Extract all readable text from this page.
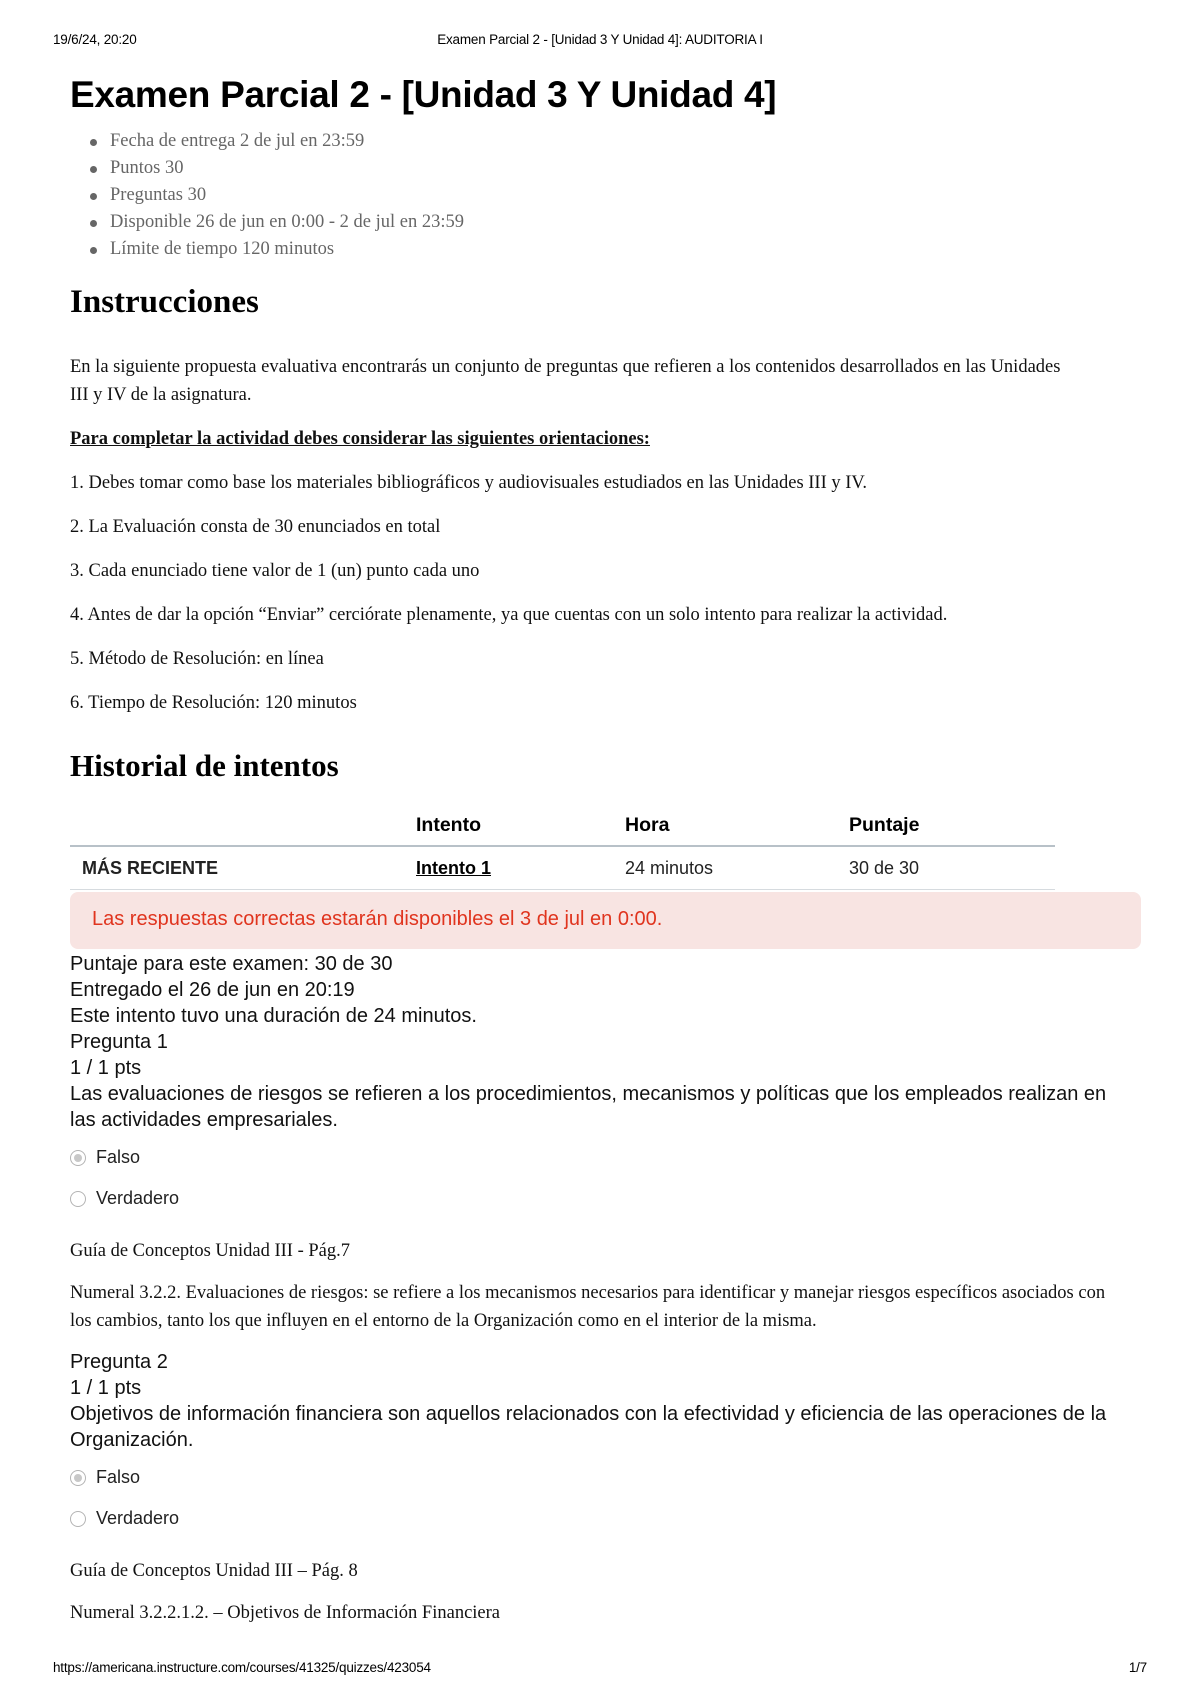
19/6/24, 20:20	Examen Parcial 2 - [Unidad 3 Y Unidad 4]: AUDITORIA I
Examen Parcial 2 - [Unidad 3 Y Unidad 4]
Fecha de entrega 2 de jul en 23:59
Puntos 30
Preguntas 30
Disponible 26 de jun en 0:00 - 2 de jul en 23:59
Límite de tiempo 120 minutos
Instrucciones

En la siguiente propuesta evaluativa encontrarás un conjunto de preguntas que refieren a los contenidos desarrollados en las Unidades III y IV de la asignatura.

Para completar la actividad debes considerar las siguientes orientaciones:

1. Debes tomar como base los materiales bibliográficos y audiovisuales estudiados en las Unidades III y IV.

2. La Evaluación consta de 30 enunciados en total

3. Cada enunciado tiene valor de 1 (un) punto cada uno

4. Antes de dar la opción “Enviar” cerciórate plenamente, ya que cuentas con un solo intento para realizar la actividad.

5. Método de Resolución: en línea

6. Tiempo de Resolución: 120 minutos

Historial de intentos
	Intento	Hora	Puntaje
MÁS RECIENTE	Intento 1	24 minutos	30 de 30
Las respuestas correctas estarán disponibles el 3 de jul en 0:00.
Puntaje para este examen: 30 de 30
Entregado el 26 de jun en 20:19
Este intento tuvo una duración de 24 minutos.
Pregunta 1
1 / 1 pts
Las evaluaciones de riesgos se refieren a los procedimientos, mecanismos y políticas que los empleados realizan en las actividades empresariales.
Falso
Verdadero

Guía de Conceptos Unidad III - Pág.7

Numeral 3.2.2. Evaluaciones de riesgos: se refiere a los mecanismos necesarios para identificar y manejar riesgos específicos asociados con los cambios, tanto los que influyen en el entorno de la Organización como en el interior de la misma.

Pregunta 2
1 / 1 pts
Objetivos de información financiera son aquellos relacionados con la efectividad y eficiencia de las operaciones de la Organización.
Falso
Verdadero

Guía de Conceptos Unidad III – Pág. 8

Numeral 3.2.2.1.2. – Objetivos de Información Financiera

https://americana.instructure.com/courses/41325/quizzes/423054	1/7
